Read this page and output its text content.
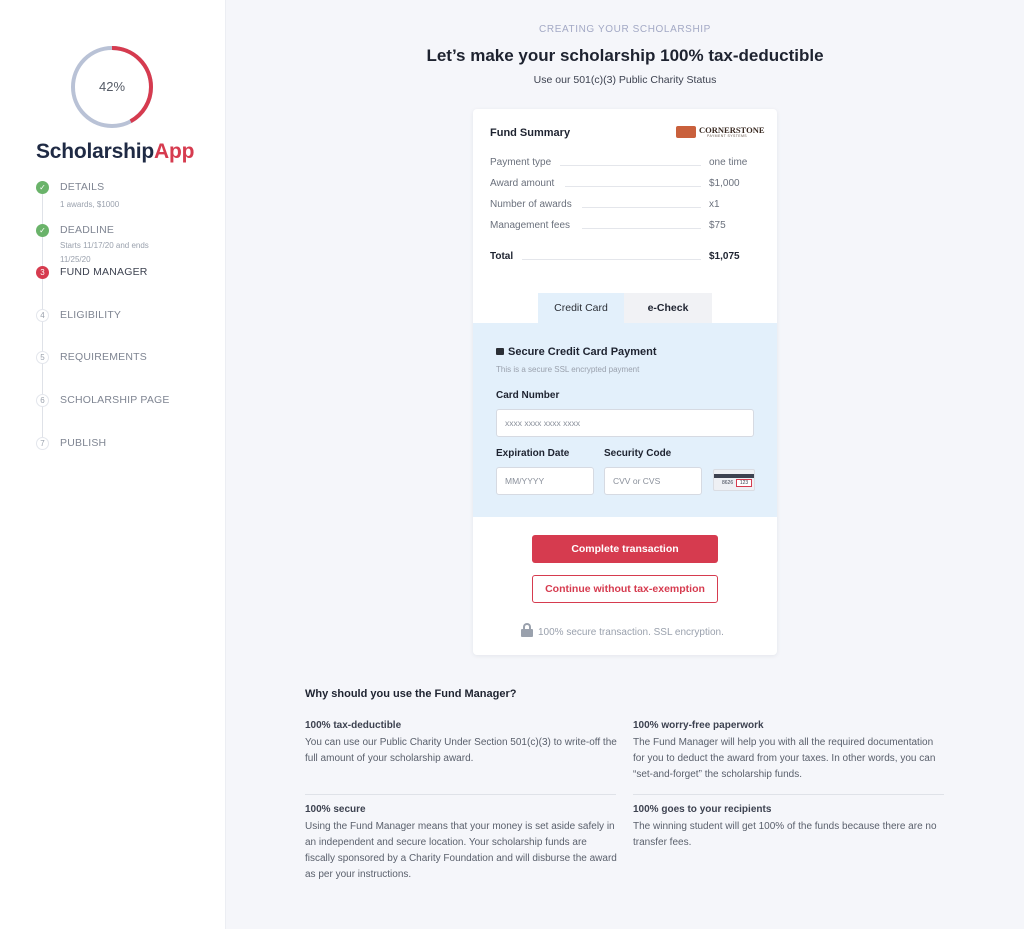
42%
ScholarshipApp
✓	DETAILS
1 awards, $1000
✓	DEADLINE
Starts 11/17/20 and ends 11/25/20
3	FUND MANAGER
4	ELIGIBILITY
5	REQUIREMENTS
6	SCHOLARSHIP PAGE
7	PUBLISH
CREATING YOUR SCHOLARSHIP
Let’s make your scholarship 100% tax-deductible
Use our 501(c)(3) Public Charity Status
Fund Summary	CORNERSTONE
PAYMENT SYSTEMS
Payment type	one time
Award amount	$1,000
Number of awards	x1
Management fees	$75
Total	$1,075
Credit Card	e-Check
Secure Credit Card Payment
This is a secure SSL encrypted payment
Card Number
xxxx xxxx xxxx xxxx
Expiration Date
MM/YYYY
Security Code
CVV or CVS	8626	123
Complete transaction
Continue without tax-exemption
100% secure transaction. SSL encryption.
Why should you use the Fund Manager?
100% tax-deductible
You can use our Public Charity Under Section 501(c)(3) to write-off the full amount of your scholarship award.
100% worry-free paperwork
The Fund Manager will help you with all the required documentation for you to deduct the award from your taxes. In other words, you can “set-and-forget” the scholarship funds.
100% secure
Using the Fund Manager means that your money is set aside safely in an independent and secure location. Your scholarship funds are fiscally sponsored by a Charity Foundation and will disburse the award as per your instructions.
100% goes to your recipients
The winning student will get 100% of the funds because there are no transfer fees.
